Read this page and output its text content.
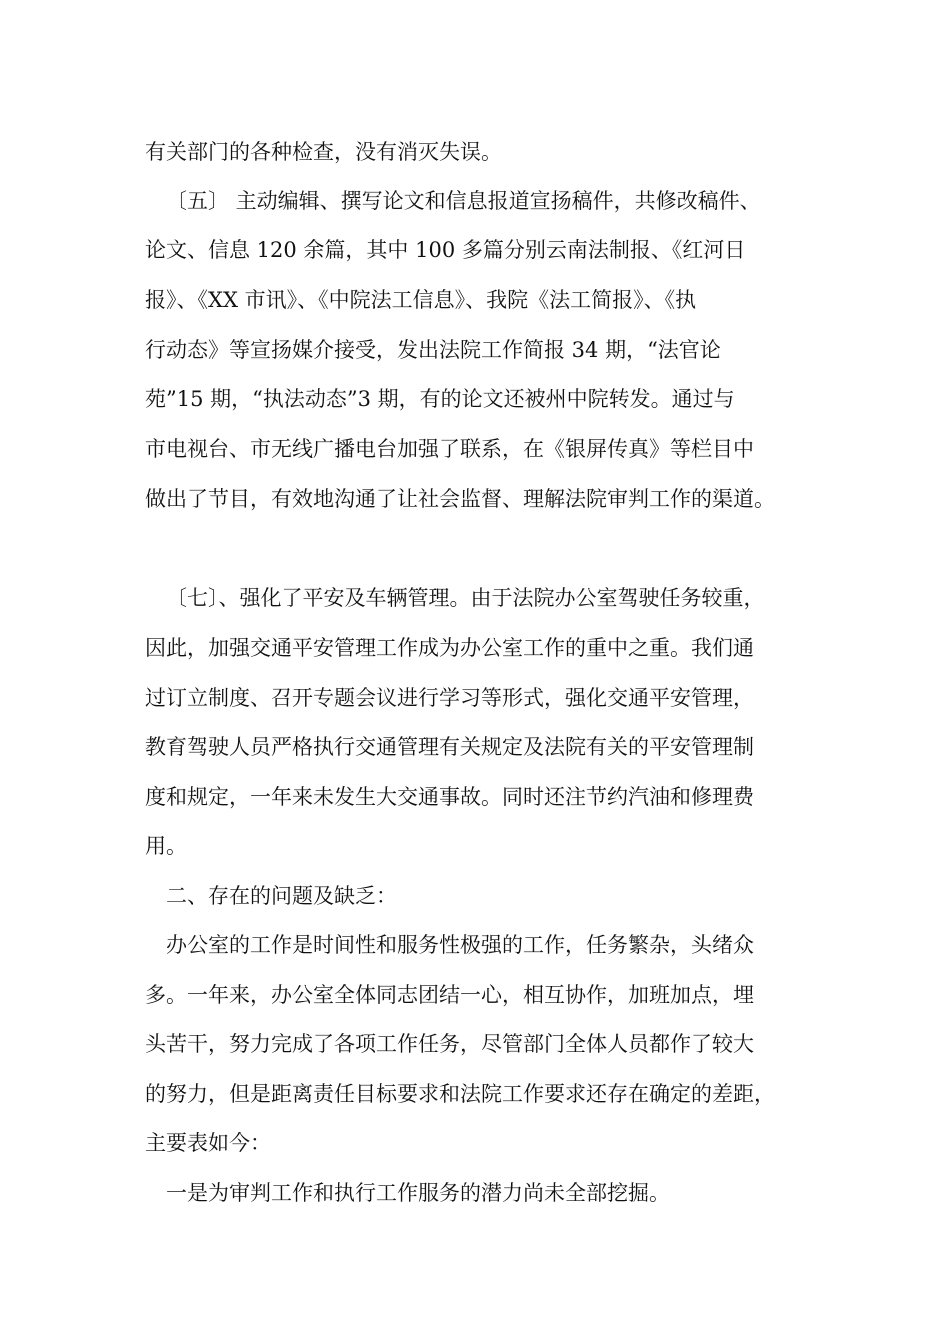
有关部门的各种检查，没有消灭失误。
〔五〕 主动编辑、撰写论文和信息报道宣扬稿件，共修改稿件、
论文、信息 120 余篇，其中 100 多篇分别云南法制报、《红河日
报》、《XX 市讯》、《中院法工信息》、我院《法工简报》、《执
行动态》等宣扬媒介接受，发出法院工作简报 34 期，“法官论
苑”15 期，“执法动态”3 期，有的论文还被州中院转发。通过与
市电视台、市无线广播电台加强了联系，在《银屏传真》等栏目中
做出了节目，有效地沟通了让社会监督、理解法院审判工作的渠道。
〔七〕、强化了平安及车辆管理。由于法院办公室驾驶任务较重，
因此，加强交通平安管理工作成为办公室工作的重中之重。我们通
过订立制度、召开专题会议进行学习等形式，强化交通平安管理，
教育驾驶人员严格执行交通管理有关规定及法院有关的平安管理制
度和规定，一年来未发生大交通事故。同时还注节约汽油和修理费
用。
二、存在的问题及缺乏：
办公室的工作是时间性和服务性极强的工作，任务繁杂，头绪众
多。一年来，办公室全体同志团结一心，相互协作，加班加点，埋
头苦干，努力完成了各项工作任务，尽管部门全体人员都作了较大
的努力，但是距离责任目标要求和法院工作要求还存在确定的差距，
主要表如今：
一是为审判工作和执行工作服务的潜力尚未全部挖掘。
